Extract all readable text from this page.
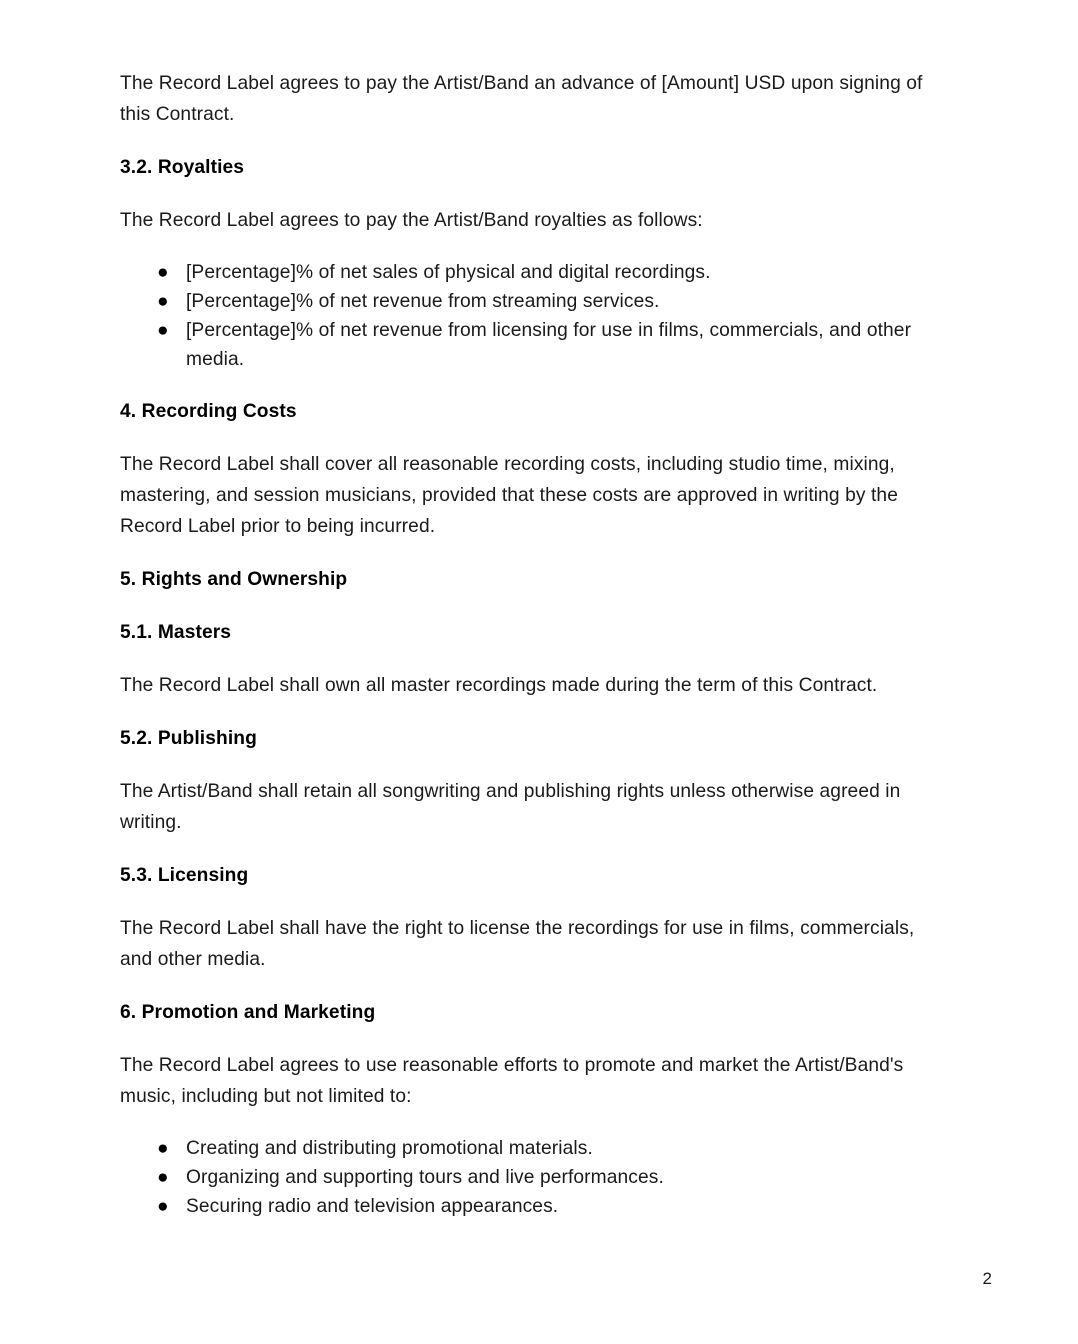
The Record Label agrees to pay the Artist/Band an advance of [Amount] USD upon signing of this Contract.

3.2. Royalties

The Record Label agrees to pay the Artist/Band royalties as follows:

● [Percentage]% of net sales of physical and digital recordings.
● [Percentage]% of net revenue from streaming services.
● [Percentage]% of net revenue from licensing for use in films, commercials, and other media.

4. Recording Costs

The Record Label shall cover all reasonable recording costs, including studio time, mixing, mastering, and session musicians, provided that these costs are approved in writing by the Record Label prior to being incurred.

5. Rights and Ownership

5.1. Masters

The Record Label shall own all master recordings made during the term of this Contract.

5.2. Publishing

The Artist/Band shall retain all songwriting and publishing rights unless otherwise agreed in writing.

5.3. Licensing

The Record Label shall have the right to license the recordings for use in films, commercials, and other media.

6. Promotion and Marketing

The Record Label agrees to use reasonable efforts to promote and market the Artist/Band's music, including but not limited to:

● Creating and distributing promotional materials.
● Organizing and supporting tours and live performances.
● Securing radio and television appearances.
2
